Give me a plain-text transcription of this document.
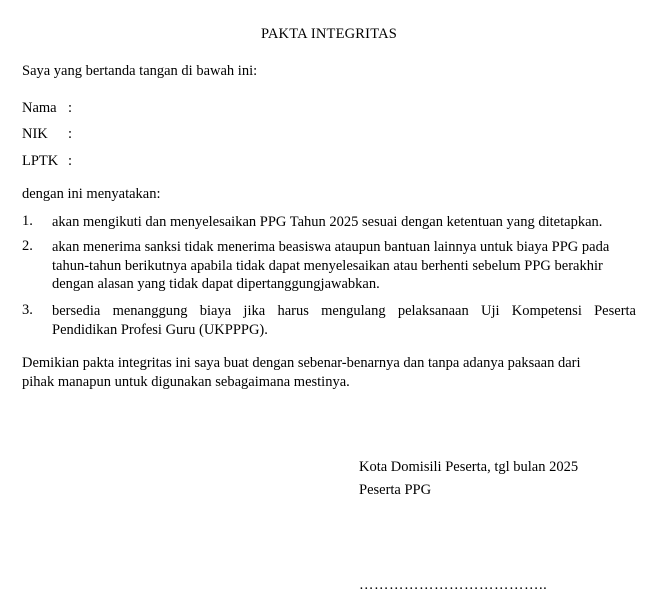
PAKTA INTEGRITAS
Saya yang bertanda tangan di bawah ini:
Nama :
NIK	:
LPTK :
dengan ini menyatakan:
1.	akan mengikuti dan menyelesaikan PPG Tahun 2025 sesuai dengan ketentuan yang ditetapkan.
2.	akan menerima sanksi tidak menerima beasiswa ataupun bantuan lainnya untuk biaya PPG pada
tahun-tahun berikutnya apabila tidak dapat menyelesaikan atau berhenti sebelum PPG berakhir
dengan alasan yang tidak dapat dipertanggungjawabkan.
3.	bersedia menanggung biaya jika harus mengulang pelaksanaan Uji Kompetensi Peserta
Pendidikan Profesi Guru (UKPPPG).
Demikian pakta integritas ini saya buat dengan sebenar-benarnya dan tanpa adanya paksaan dari
pihak manapun untuk digunakan sebagaimana mestinya.
Kota Domisili Peserta, tgl bulan 2025
Peserta PPG
………………………………..
